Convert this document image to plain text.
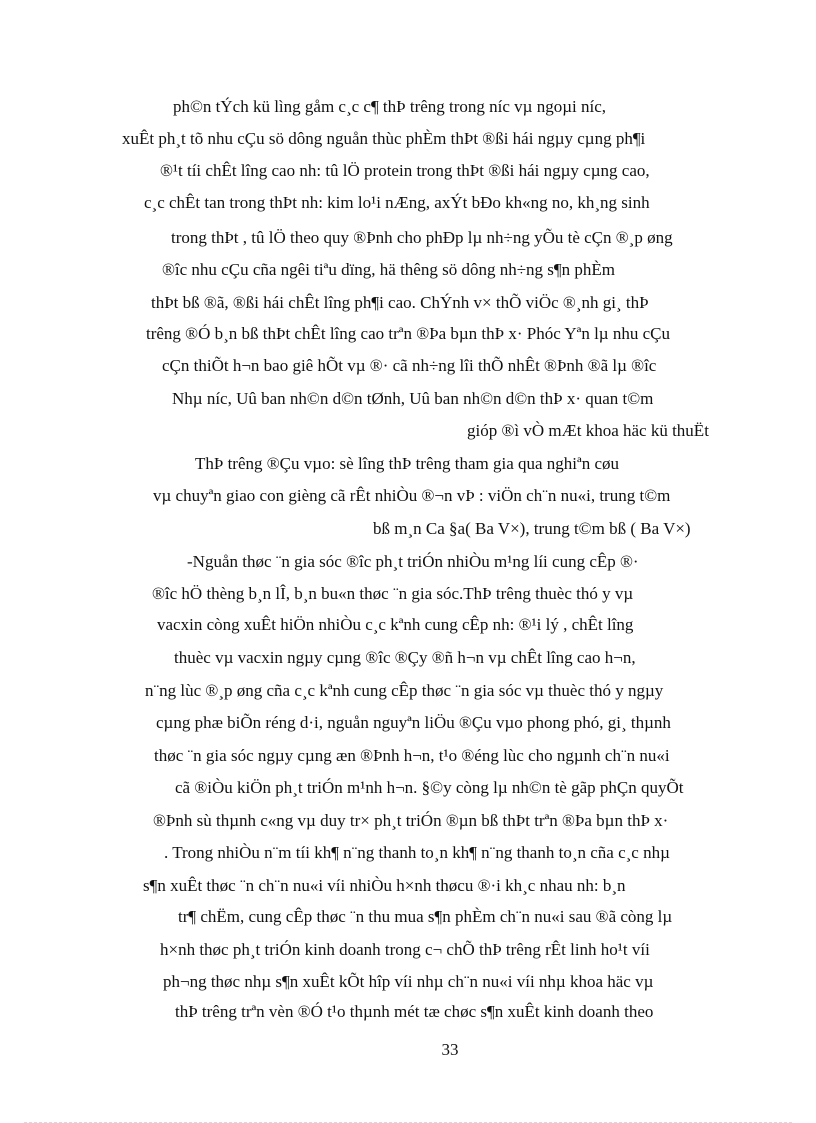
ph©n tÝch kü lìng gåm c¸c c¶ thÞ trêng trong níc vµ ngoµi níc,
xuÊt ph¸t tõ nhu cÇu sö dông nguån thùc phÈm thÞt ®ßi hái ngµy cµng ph¶i
®¹t tíi chÊt lîng cao nh: tû lÖ protein trong thÞt ®ßi hái ngµy cµng cao,
c¸c chÊt tan trong thÞt nh: kim lo¹i nÆng, axÝt bÐo kh«ng no, kh¸ng sinh
trong thÞt , tû lÖ theo quy ®Þnh cho phÐp lµ nh÷ng yÕu tè cÇn ®¸p øng
®îc nhu cÇu cña ngêi tiªu dïng, hä thêng sö dông nh÷ng s¶n phÈm
thÞt bß ®ã, ®ßi hái chÊt lîng ph¶i cao. ChÝnh v× thÕ viÖc ®¸nh gi¸ thÞ
trêng ®Ó b¸n bß thÞt chÊt lîng cao trªn ®Þa bµn thÞ x· Phóc Yªn lµ nhu cÇu
cÇn thiÕt h¬n bao giê hÕt vµ ®· cã nh÷ng lîi thÕ nhÊt ®Þnh ®ã lµ ®îc
Nhµ níc, Uû ban nh©n d©n tØnh, Uû ban nh©n d©n thÞ x· quan t©m
gióp ®ì vÒ mÆt khoa häc kü thuËt
ThÞ trêng ®Çu vµo: sè lîng thÞ trêng tham gia qua nghiªn cøu
vµ chuyªn giao con gièng cã rÊt nhiÒu ®¬n vÞ : viÖn ch¨n nu«i, trung t©m
bß m¸n Ca §a( Ba V×), trung t©m bß ( Ba V×)
-Nguån thøc ¨n gia sóc ®îc ph¸t triÓn nhiÒu m¹ng líi cung cÊp ®·
®îc hÖ thèng b¸n lÎ, b¸n bu«n thøc ¨n gia sóc.ThÞ trêng thuèc thó y vµ
vacxin còng xuÊt hiÖn nhiÒu c¸c kªnh cung cÊp nh: ®¹i lý , chÊt lîng
thuèc vµ vacxin ngµy cµng ®îc ®Çy ®ñ h¬n vµ chÊt lîng cao h¬n,
n¨ng lùc ®¸p øng cña c¸c kªnh cung cÊp thøc ¨n gia sóc vµ thuèc thó y ngµy
cµng phæ biÕn réng d·i, nguån nguyªn liÖu ®Çu vµo phong phó, gi¸ thµnh
thøc ¨n gia sóc ngµy cµng æn ®Þnh h¬n, t¹o ®éng lùc cho ngµnh ch¨n nu«i
cã ®iÒu kiÖn ph¸t triÓn m¹nh h¬n. §©y còng lµ nh©n tè gãp phÇn quyÕt
®Þnh sù thµnh c«ng vµ duy tr× ph¸t triÓn ®µn bß thÞt trªn ®Þa bµn thÞ x·
. Trong nhiÒu n¨m tíi kh¶ n¨ng thanh to¸n kh¶ n¨ng thanh to¸n cña c¸c nhµ
s¶n xuÊt thøc ¨n ch¨n nu«i víi nhiÒu h×nh thøcu ®·i kh¸c nhau nh: b¸n
tr¶ chËm, cung cÊp thøc ¨n thu mua s¶n phÈm ch¨n nu«i sau ®ã còng lµ
h×nh thøc ph¸t triÓn kinh doanh trong c¬ chÕ thÞ trêng rÊt linh ho¹t víi
ph¬ng thøc nhµ s¶n xuÊt kÕt hîp víi nhµ ch¨n nu«i víi nhµ khoa häc vµ
thÞ trêng trªn vèn ®Ó t¹o thµnh mét tæ chøc s¶n xuÊt kinh doanh theo
33
